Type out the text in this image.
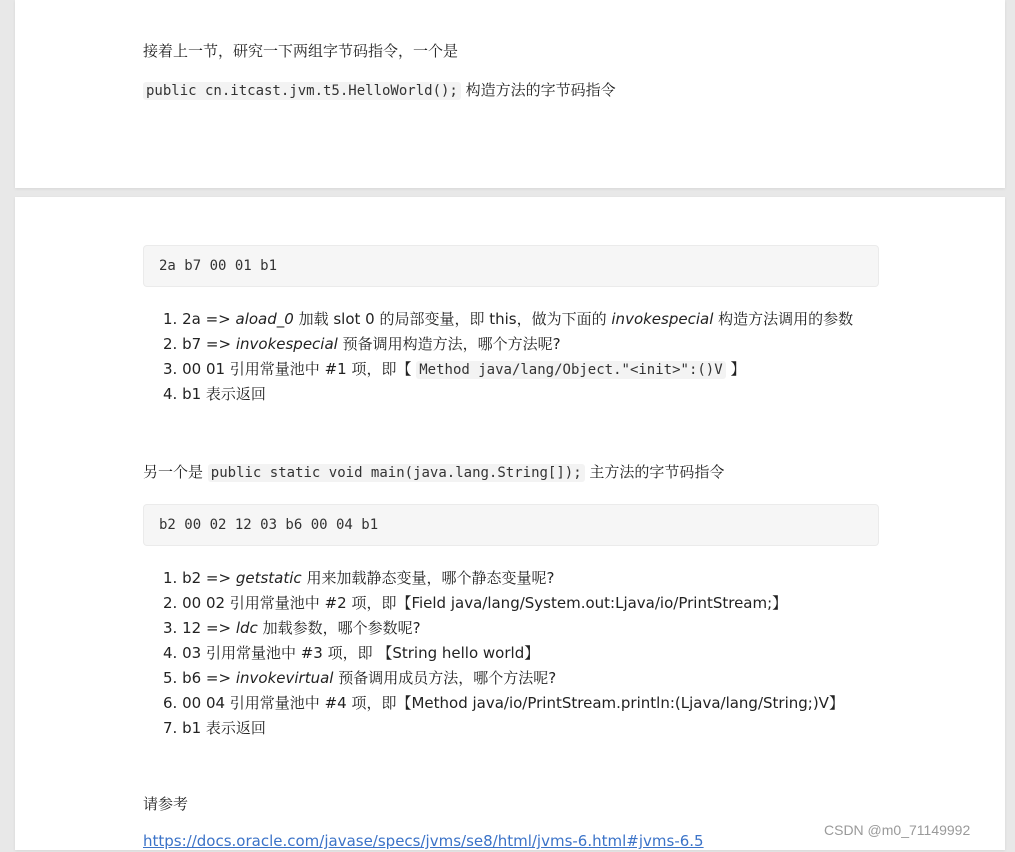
接着上一节，研究一下两组字节码指令，一个是
public cn.itcast.jvm.t5.HelloWorld(); 构造方法的字节码指令
2a b7 00 01 b1
1. 2a => aload_0 加载 slot 0 的局部变量，即 this，做为下面的 invokespecial 构造方法调用的参数
2. b7 => invokespecial 预备调用构造方法，哪个方法呢?
3. 00 01 引用常量池中 #1 项，即【 Method java/lang/Object."<init>":()V 】
4. b1 表示返回
另一个是 public static void main(java.lang.String[]); 主方法的字节码指令
b2 00 02 12 03 b6 00 04 b1
1. b2 => getstatic 用来加载静态变量，哪个静态变量呢?
2. 00 02 引用常量池中 #2 项，即【Field java/lang/System.out:Ljava/io/PrintStream;】
3. 12 => ldc 加载参数，哪个参数呢?
4. 03 引用常量池中 #3 项，即 【String hello world】
5. b6 => invokevirtual 预备调用成员方法，哪个方法呢?
6. 00 04 引用常量池中 #4 项，即【Method java/io/PrintStream.println:(Ljava/lang/String;)V】
7. b1 表示返回
请参考
https://docs.oracle.com/javase/specs/jvms/se8/html/jvms-6.html#jvms-6.5
CSDN @m0_71149992
